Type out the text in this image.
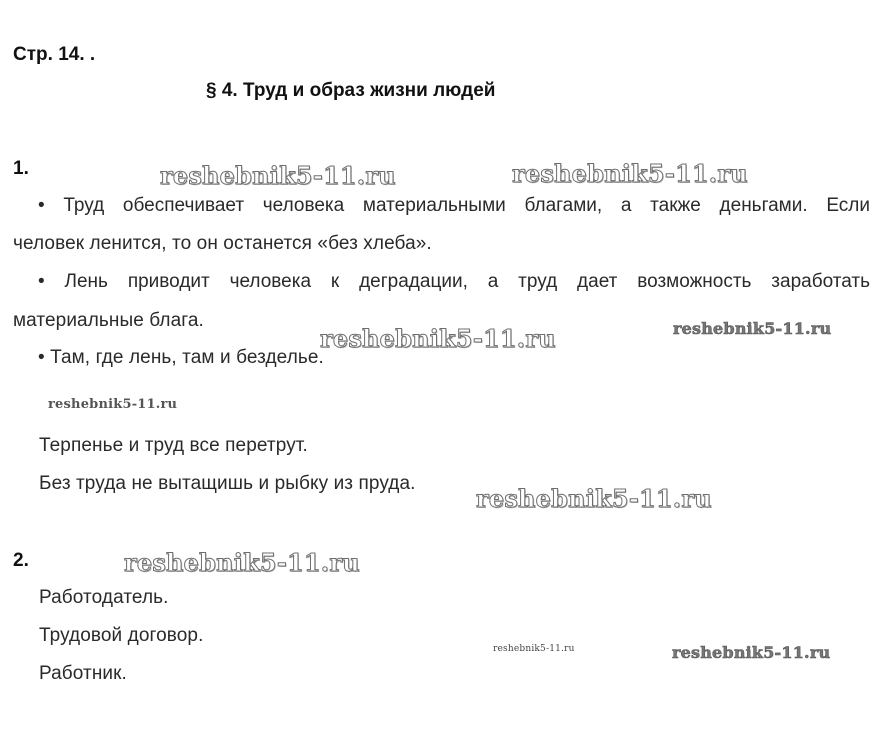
Стр. 14. .
§ 4. Труд и образ жизни людей
1.
• Труд обеспечивает человека материальными благами, а также деньгами. Если
человек ленится, то он останется «без хлеба».
• Лень приводит человека к деградации, а труд дает возможность заработать
материальные блага.
• Там, где лень, там и безделье.
Терпенье и труд все перетрут.
Без труда не вытащишь и рыбку из пруда.
2.
Работодатель.
Трудовой договор.
Работник.
reshebnik5-11.ru	reshebnik5-11.ru
reshebnik5-11.ru	reshebnik5-11.ru
reshebnik5-11.ru
reshebnik5-11.ru
reshebnik5-11.ru
reshebnik5-11.ru	reshebnik5-11.ru
